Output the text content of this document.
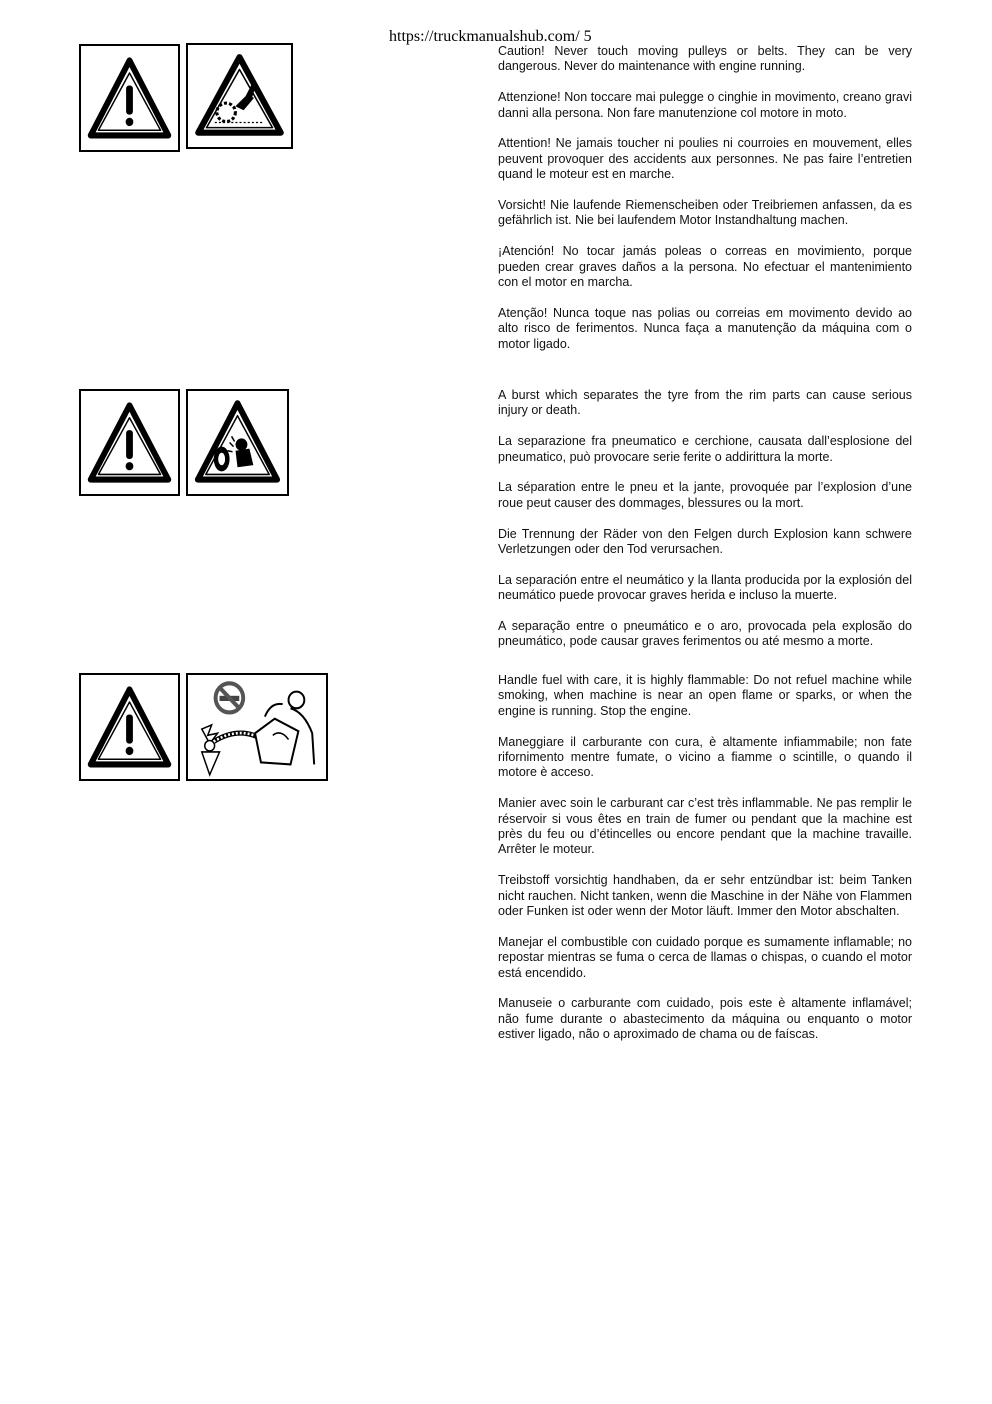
https://truckmanualshub.com/ 5

Caution! Never touch moving pulleys or belts. They can be very dangerous. Never do maintenance with engine running.

Attenzione! Non toccare mai pulegge o cinghie in movimento, creano gravi danni alla persona. Non fare manutenzione col motore in moto.

Attention! Ne jamais toucher ni poulies ni courroies en mouvement, elles peuvent provoquer des accidents aux personnes. Ne pas faire l’entretien quand le moteur est en marche.

Vorsicht! Nie laufende Riemenscheiben oder Treibriemen anfassen, da es gefährlich ist. Nie bei laufendem Motor Instandhaltung machen.

¡Atención! No tocar jamás poleas o correas en movimiento, porque pueden crear graves daños a la persona. No efectuar el mantenimiento con el motor en marcha.

Atenção! Nunca toque nas polias ou correias em movimento devido ao alto risco de ferimentos. Nunca faça a manutenção da máquina com o motor ligado.

A burst which separates the tyre from the rim parts can cause serious injury or death.

La separazione fra pneumatico e cerchione, causata dall’esplosione del pneumatico, può provocare serie ferite o addirittura la morte.

La séparation entre le pneu et la jante, provoquée par l’explosion d’une roue peut causer des dommages, blessures ou la mort.

Die Trennung der Räder von den Felgen durch Explosion kann schwere Verletzungen oder den Tod verursachen.

La separación entre el neumático y la llanta producida por la explosión del neumático puede provocar graves herida e incluso la muerte.

A separação entre o pneumático e o aro, provocada pela explosão do pneumático, pode causar graves ferimentos ou até mesmo a morte.

Handle fuel with care, it is highly flammable: Do not refuel machine while smoking, when machine is near an open flame or sparks, or when the engine is running. Stop the engine.

Maneggiare il carburante con cura, è altamente infiammabile; non fate rifornimento mentre fumate, o vicino a fiamme o scintille, o quando il motore è acceso.

Manier avec soin le carburant car c’est très inflammable. Ne pas remplir le réservoir si vous êtes en train de fumer ou pendant que la machine est près du feu ou d’étincelles ou encore pendant que la machine travaille. Arrêter le moteur.

Treibstoff vorsichtig handhaben, da er sehr entzündbar ist: beim Tanken nicht rauchen. Nicht tanken, wenn die Maschine in der Nähe von Flammen oder Funken ist oder wenn der Motor läuft. Immer den Motor abschalten.

Manejar el combustible con cuidado porque es sumamente inflamable; no repostar mientras se fuma o cerca de llamas o chispas, o cuando el motor está encendido.

Manuseie o carburante com cuidado, pois este è altamente inflamável; não fume durante o abastecimento da máquina ou enquanto o motor estiver ligado, não o aproximado de chama ou de faíscas.
